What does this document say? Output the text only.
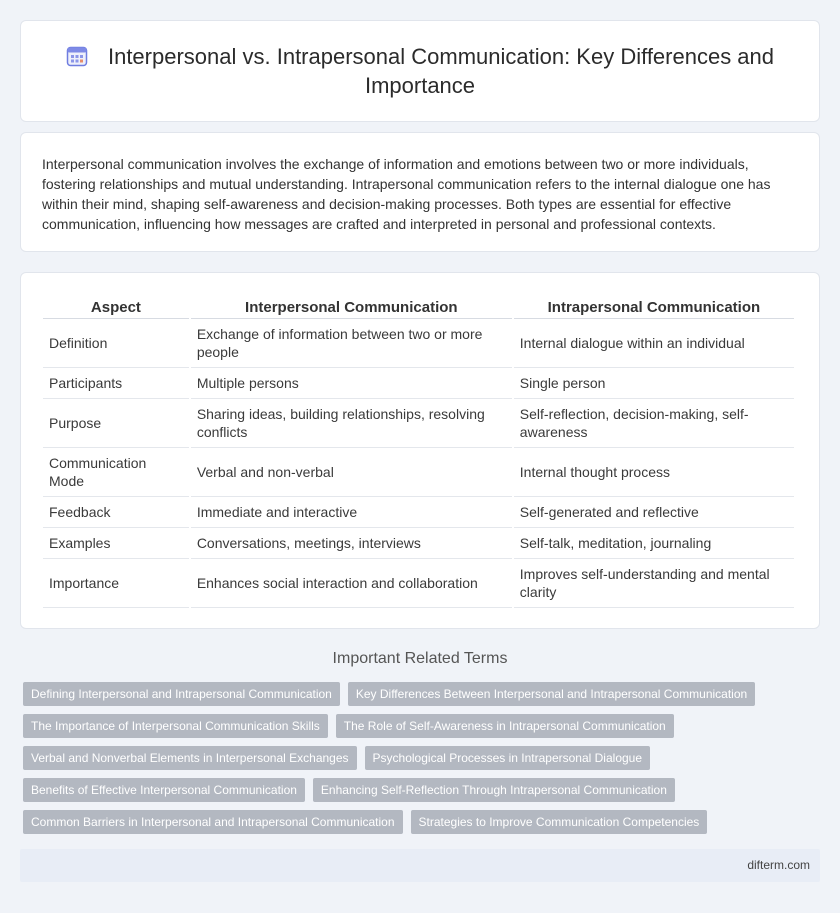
Interpersonal vs. Intrapersonal Communication: Key Differences and Importance

Interpersonal communication involves the exchange of information and emotions between two or more individuals, fostering relationships and mutual understanding. Intrapersonal communication refers to the internal dialogue one has within their mind, shaping self-awareness and decision-making processes. Both types are essential for effective communication, influencing how messages are crafted and interpreted in personal and professional contexts.

Aspect	Interpersonal Communication	Intrapersonal Communication
Definition	Exchange of information between two or more people	Internal dialogue within an individual
Participants	Multiple persons	Single person
Purpose	Sharing ideas, building relationships, resolving conflicts	Self-reflection, decision-making, self-awareness
Communication Mode	Verbal and non-verbal	Internal thought process
Feedback	Immediate and interactive	Self-generated and reflective
Examples	Conversations, meetings, interviews	Self-talk, meditation, journaling
Importance	Enhances social interaction and collaboration	Improves self-understanding and mental clarity
Important Related Terms
Defining Interpersonal and Intrapersonal Communication	Key Differences Between Interpersonal and Intrapersonal Communication
The Importance of Interpersonal Communication Skills	The Role of Self-Awareness in Intrapersonal Communication
Verbal and Nonverbal Elements in Interpersonal Exchanges	Psychological Processes in Intrapersonal Dialogue
Benefits of Effective Interpersonal Communication	Enhancing Self-Reflection Through Intrapersonal Communication
Common Barriers in Interpersonal and Intrapersonal Communication	Strategies to Improve Communication Competencies
difterm.com
